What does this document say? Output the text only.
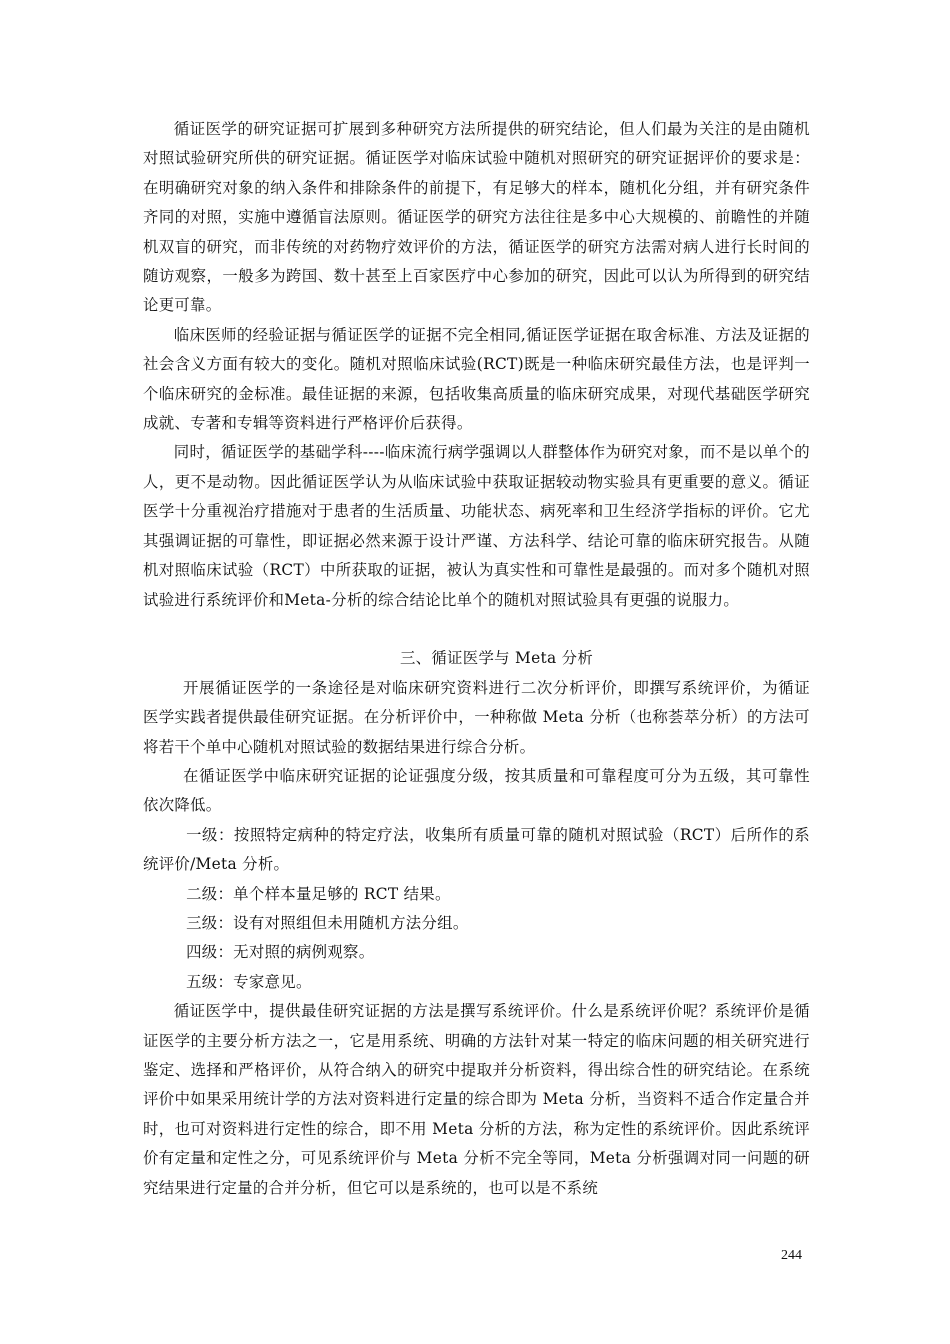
循证医学的研究证据可扩展到多种研究方法所提供的研究结论，但人们最为关注的是由随机对照试验研究所供的研究证据。循证医学对临床试验中随机对照研究的研究证据评价的要求是：在明确研究对象的纳入条件和排除条件的前提下，有足够大的样本，随机化分组，并有研究条件齐同的对照，实施中遵循盲法原则。循证医学的研究方法往往是多中心大规模的、前瞻性的并随机双盲的研究，而非传统的对药物疗效评价的方法，循证医学的研究方法需对病人进行长时间的随访观察，一般多为跨国、数十甚至上百家医疗中心参加的研究，因此可以认为所得到的研究结论更可靠。

临床医师的经验证据与循证医学的证据不完全相同,循证医学证据在取舍标准、方法及证据的社会含义方面有较大的变化。随机对照临床试验(RCT)既是一种临床研究最佳方法，也是评判一个临床研究的金标准。最佳证据的来源，包括收集高质量的临床研究成果，对现代基础医学研究成就、专著和专辑等资料进行严格评价后获得。

同时，循证医学的基础学科----临床流行病学强调以人群整体作为研究对象，而不是以单个的人，更不是动物。因此循证医学认为从临床试验中获取证据较动物实验具有更重要的意义。循证医学十分重视治疗措施对于患者的生活质量、功能状态、病死率和卫生经济学指标的评价。它尤其强调证据的可靠性，即证据必然来源于设计严谨、方法科学、结论可靠的临床研究报告。从随机对照临床试验（RCT）中所获取的证据，被认为真实性和可靠性是最强的。而对多个随机对照试验进行系统评价和Meta-分析的综合结论比单个的随机对照试验具有更强的说服力。

三、循证医学与 Meta 分析

开展循证医学的一条途径是对临床研究资料进行二次分析评价，即撰写系统评价，为循证医学实践者提供最佳研究证据。在分析评价中，一种称做 Meta 分析（也称荟萃分析）的方法可将若干个单中心随机对照试验的数据结果进行综合分析。

在循证医学中临床研究证据的论证强度分级，按其质量和可靠程度可分为五级，其可靠性依次降低。

一级：按照特定病种的特定疗法，收集所有质量可靠的随机对照试验（RCT）后所作的系统评价/Meta 分析。

二级：单个样本量足够的 RCT 结果。

三级：设有对照组但未用随机方法分组。

四级：无对照的病例观察。

五级：专家意见。

循证医学中，提供最佳研究证据的方法是撰写系统评价。什么是系统评价呢？系统评价是循证医学的主要分析方法之一，它是用系统、明确的方法针对某一特定的临床问题的相关研究进行鉴定、选择和严格评价，从符合纳入的研究中提取并分析资料，得出综合性的研究结论。在系统评价中如果采用统计学的方法对资料进行定量的综合即为 Meta 分析，当资料不适合作定量合并时，也可对资料进行定性的综合，即不用 Meta 分析的方法，称为定性的系统评价。因此系统评价有定量和定性之分，可见系统评价与 Meta 分析不完全等同，Meta 分析强调对同一问题的研究结果进行定量的合并分析，但它可以是系统的，也可以是不系统

244
